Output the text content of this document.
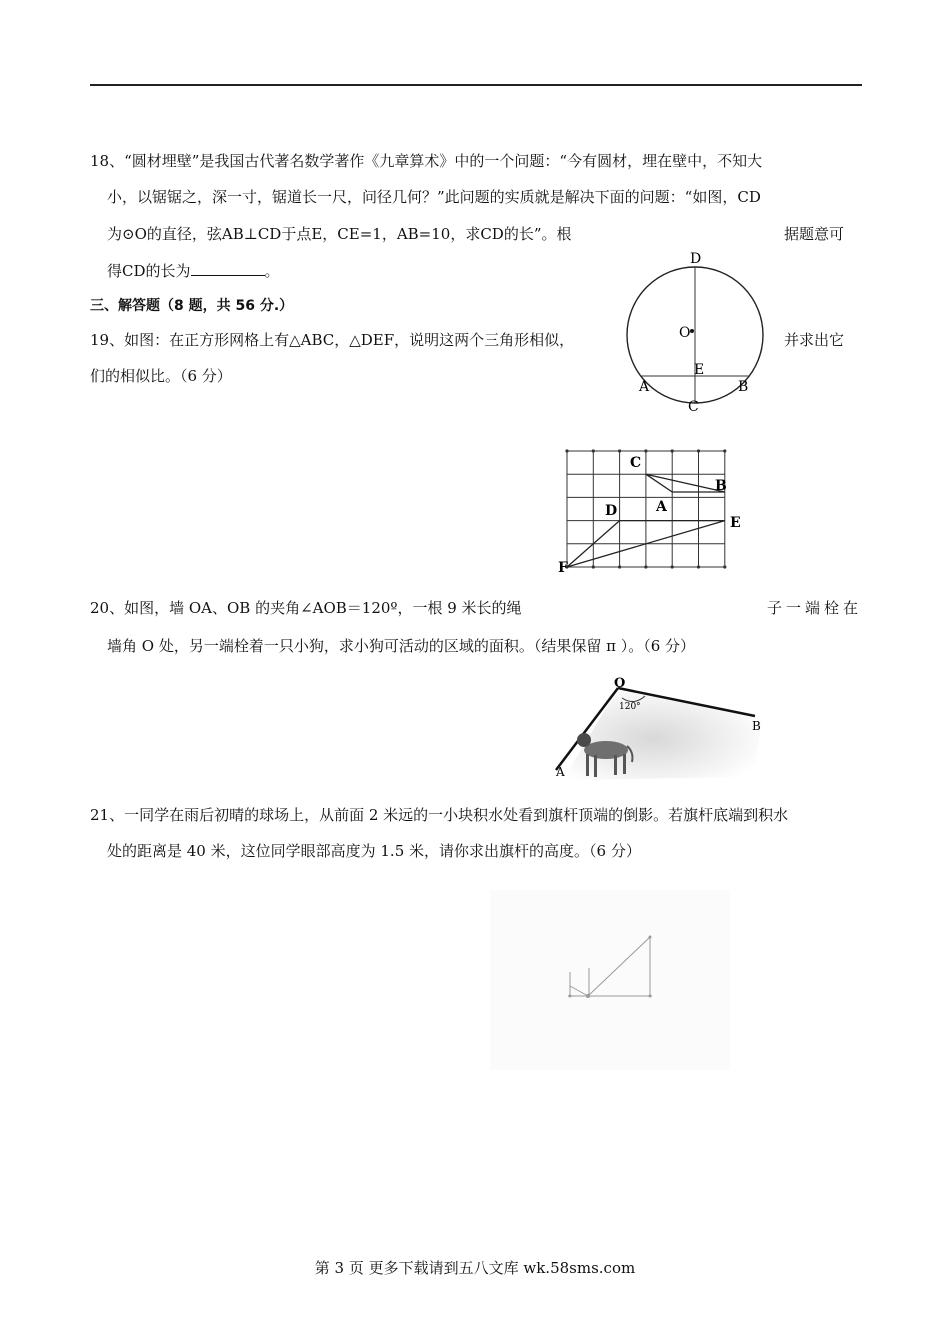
18、“圆材埋壁”是我国古代著名数学著作《九章算术》中的一个问题：“今有圆材，埋在壁中，不知大
小，以锯锯之，深一寸，锯道长一尺，问径几何？”此问题的实质就是解决下面的问题：“如图，CD
为⊙O的直径，弦AB⊥CD于点E，CE=1，AB=10，求CD的长”。根	据题意可
得CD的长为	。
三、解答题（8 题，共 56 分.）
19、如图：在正方形网格上有△ABC，△DEF，说明这两个三角形相似，	并求出它
们的相似比。（6 分）
D
O
E
A	B
C
C
B
A
D
E
F
20、如图，墙 OA、OB 的夹角∠AOB＝120º，一根 9 米长的绳	子一端栓在
墙角 O 处，另一端栓着一只小狗，求小狗可活动的区域的面积。（结果保留 π ）。（6 分）
O
A
B
120°
21、一同学在雨后初晴的球场上，从前面 2 米远的一小块积水处看到旗杆顶端的倒影。若旗杆底端到积水
处的距离是 40 米，这位同学眼部高度为 1.5 米，请你求出旗杆的高度。（6 分）
第 3 页 更多下载请到五八文库 wk.58sms.com
